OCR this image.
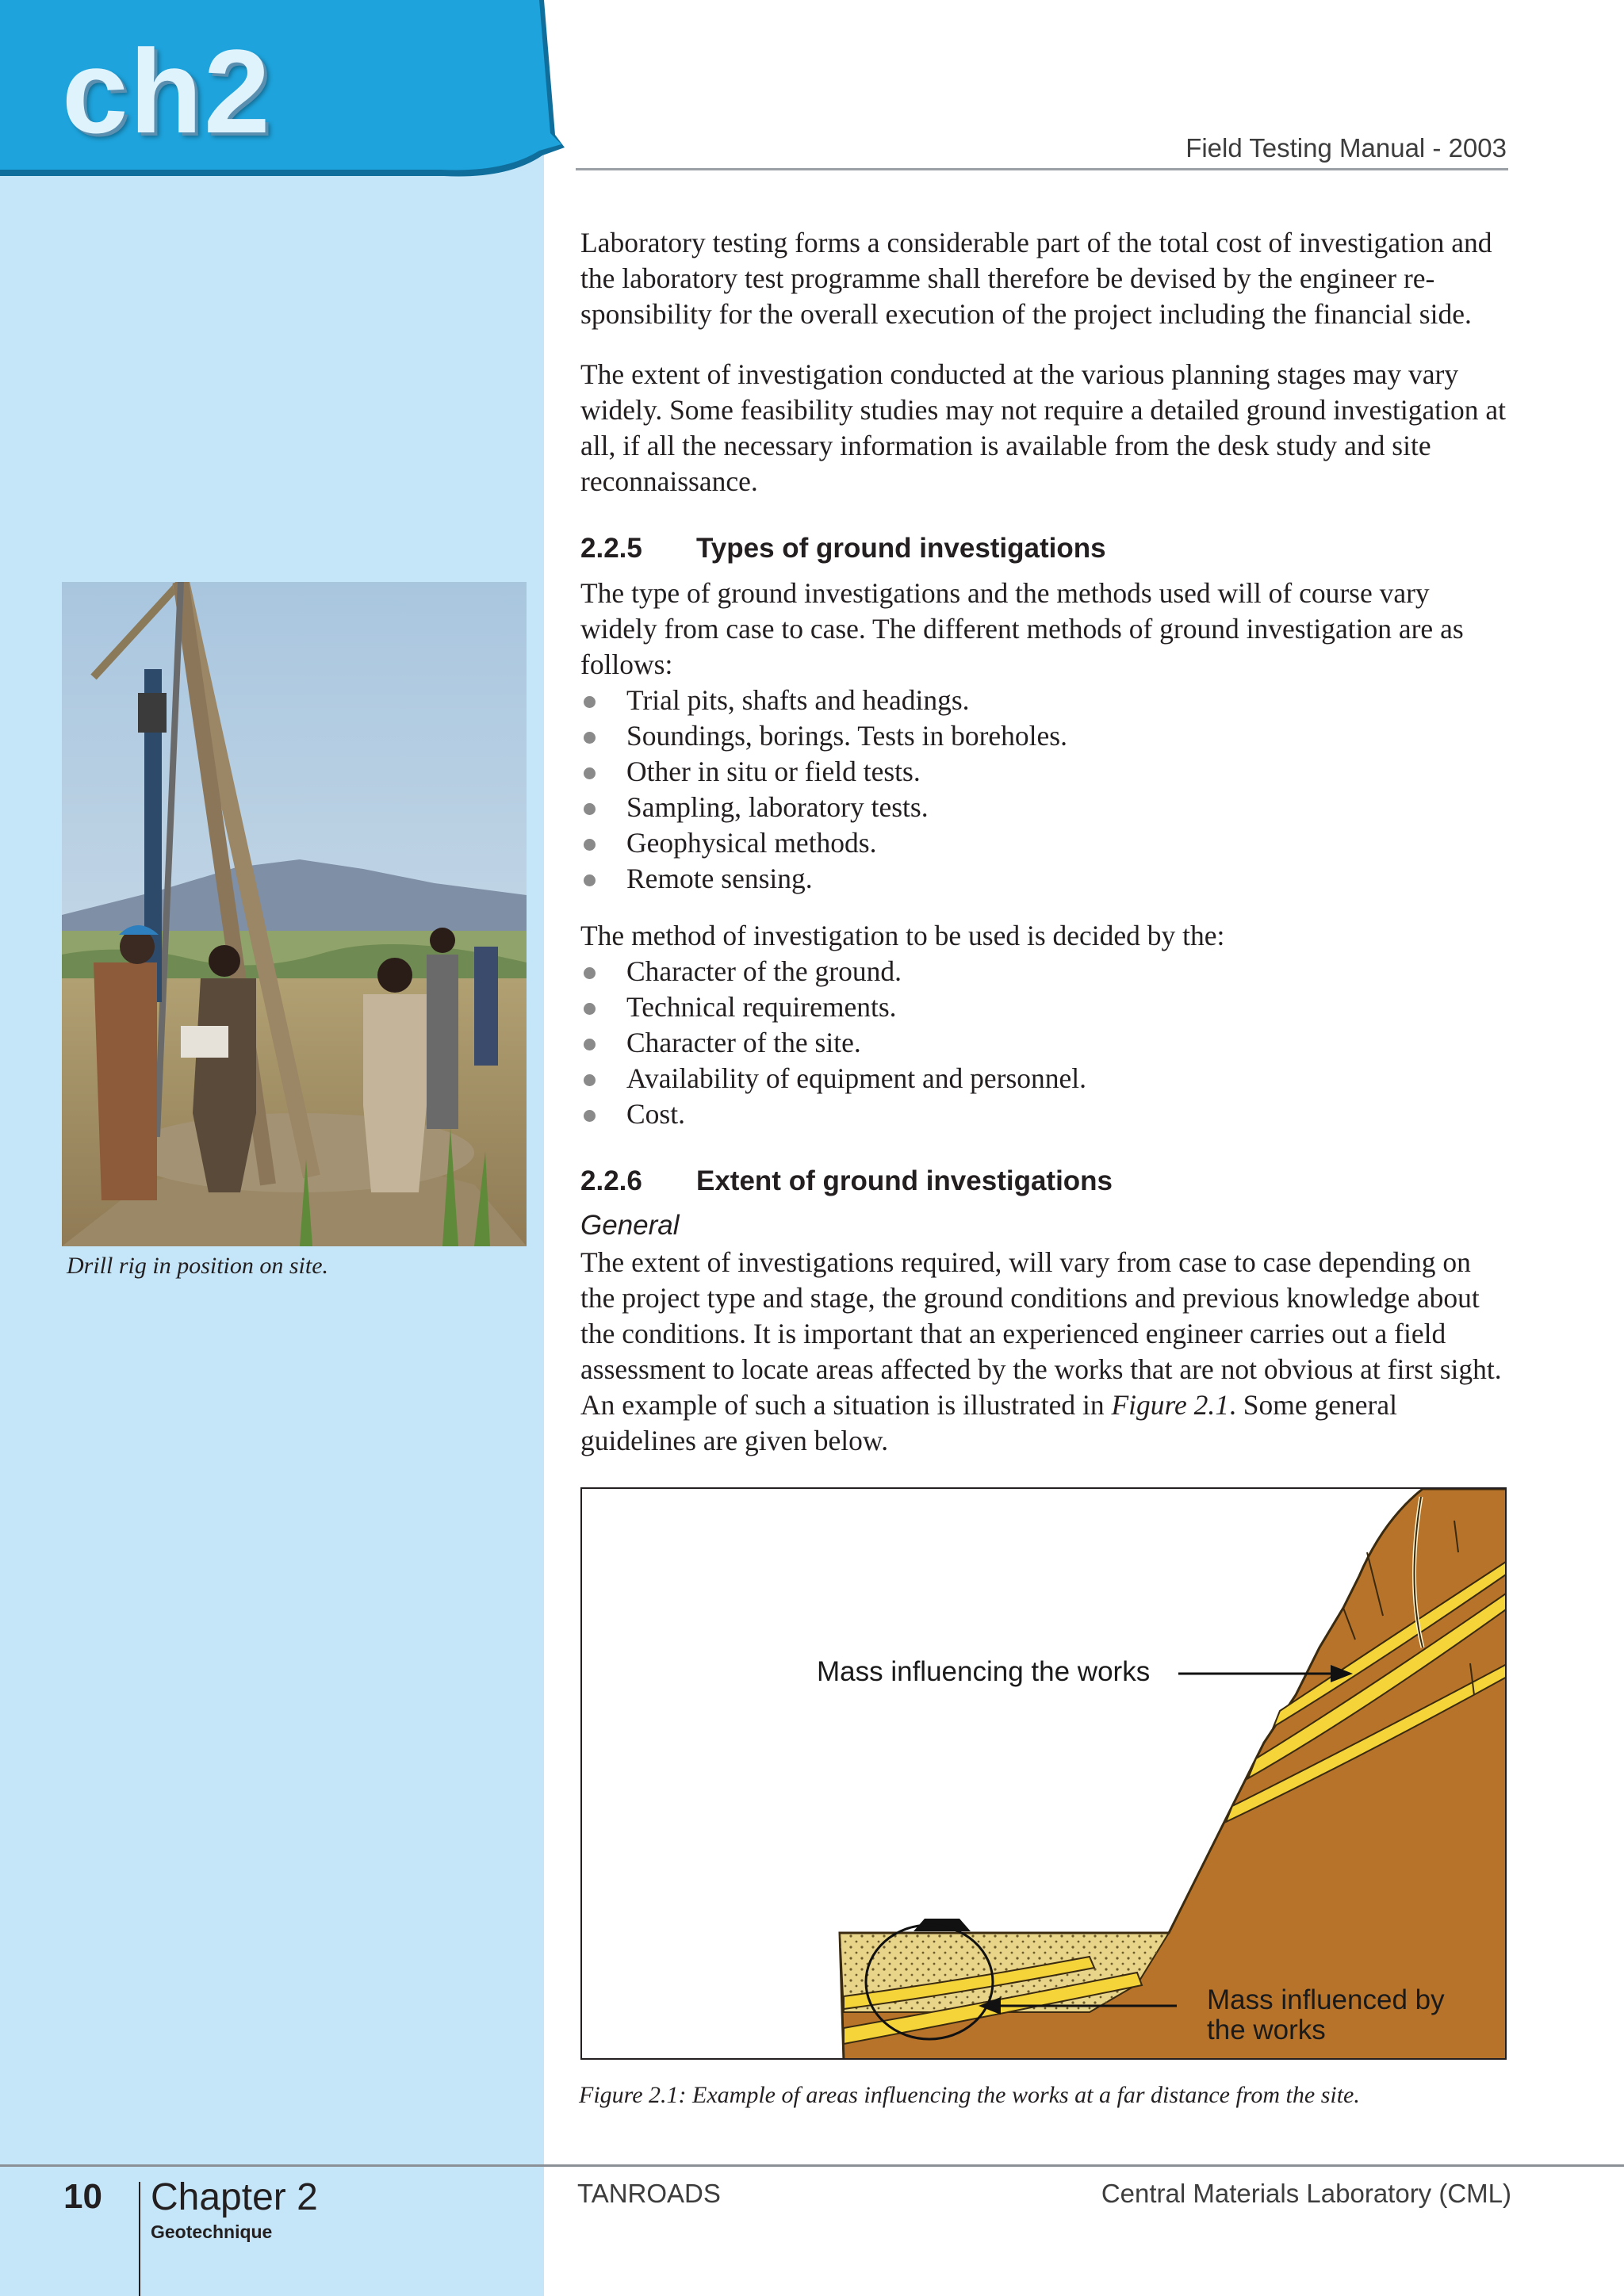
ch2	Field Testing Manual - 2003

Laboratory testing forms a considerable part of the total cost of investigation and the laboratory test programme shall therefore be devised by the engineer re-sponsibility for the overall execution of the project including the financial side.

The extent of investigation conducted at the various planning stages may vary widely. Some feasibility studies may not require a detailed ground investigation at all, if all the necessary information is available from the desk study and site reconnaissance.

2.2.5 Types of ground investigations

The type of ground investigations and the methods used will of course vary widely from case to case. The different methods of ground investigation are as follows:

Trial pits, shafts and headings.
Soundings, borings. Tests in boreholes.
Other in situ or field tests.
Sampling, laboratory tests.
Geophysical methods.
Remote sensing.

The method of investigation to be used is decided by the:

Character of the ground.
Technical requirements.
Character of the site.
Availability of equipment and personnel.
Cost.
2.2.6 Extent of ground investigations
General

The extent of investigations required, will vary from case to case depending on the project type and stage, the ground conditions and previous knowledge about the conditions. It is important that an experienced engineer carries out a field assessment to locate areas affected by the works that are not obvious at first sight. An example of such a situation is illustrated in Figure 2.1. Some general guidelines are given below.

Drill rig in position on site.
Mass influencing the works
Mass influenced by
the works
Figure 2.1: Example of areas influencing the works at a far distance from the site.
10 Chapter 2
Geotechnique
TANROADS	Central Materials Laboratory (CML)
